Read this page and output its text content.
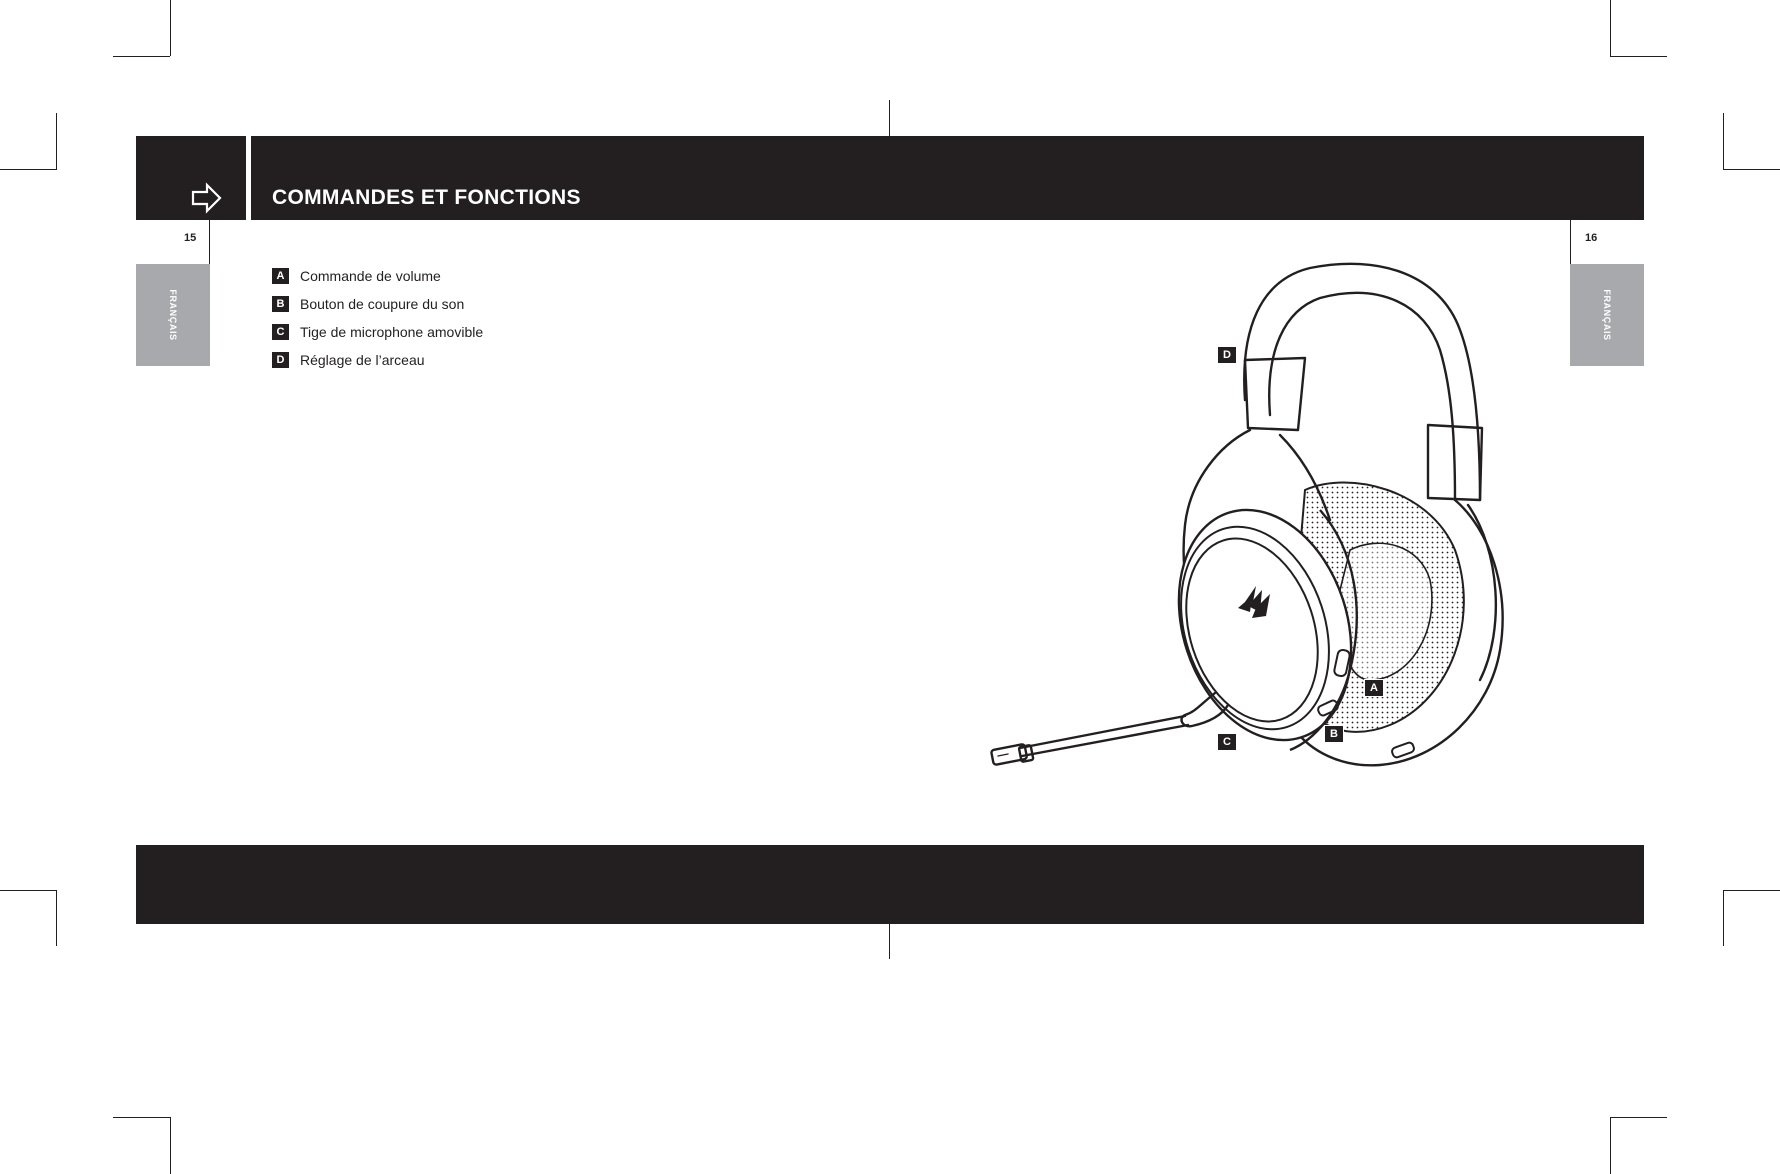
COMMANDES ET FONCTIONS
15	16
FRANÇAIS	FRANÇAIS
A	Commande de volume
B	Bouton de coupure du son
C	Tige de microphone amovible
D	Réglage de l’arceau	D
A
B
C
